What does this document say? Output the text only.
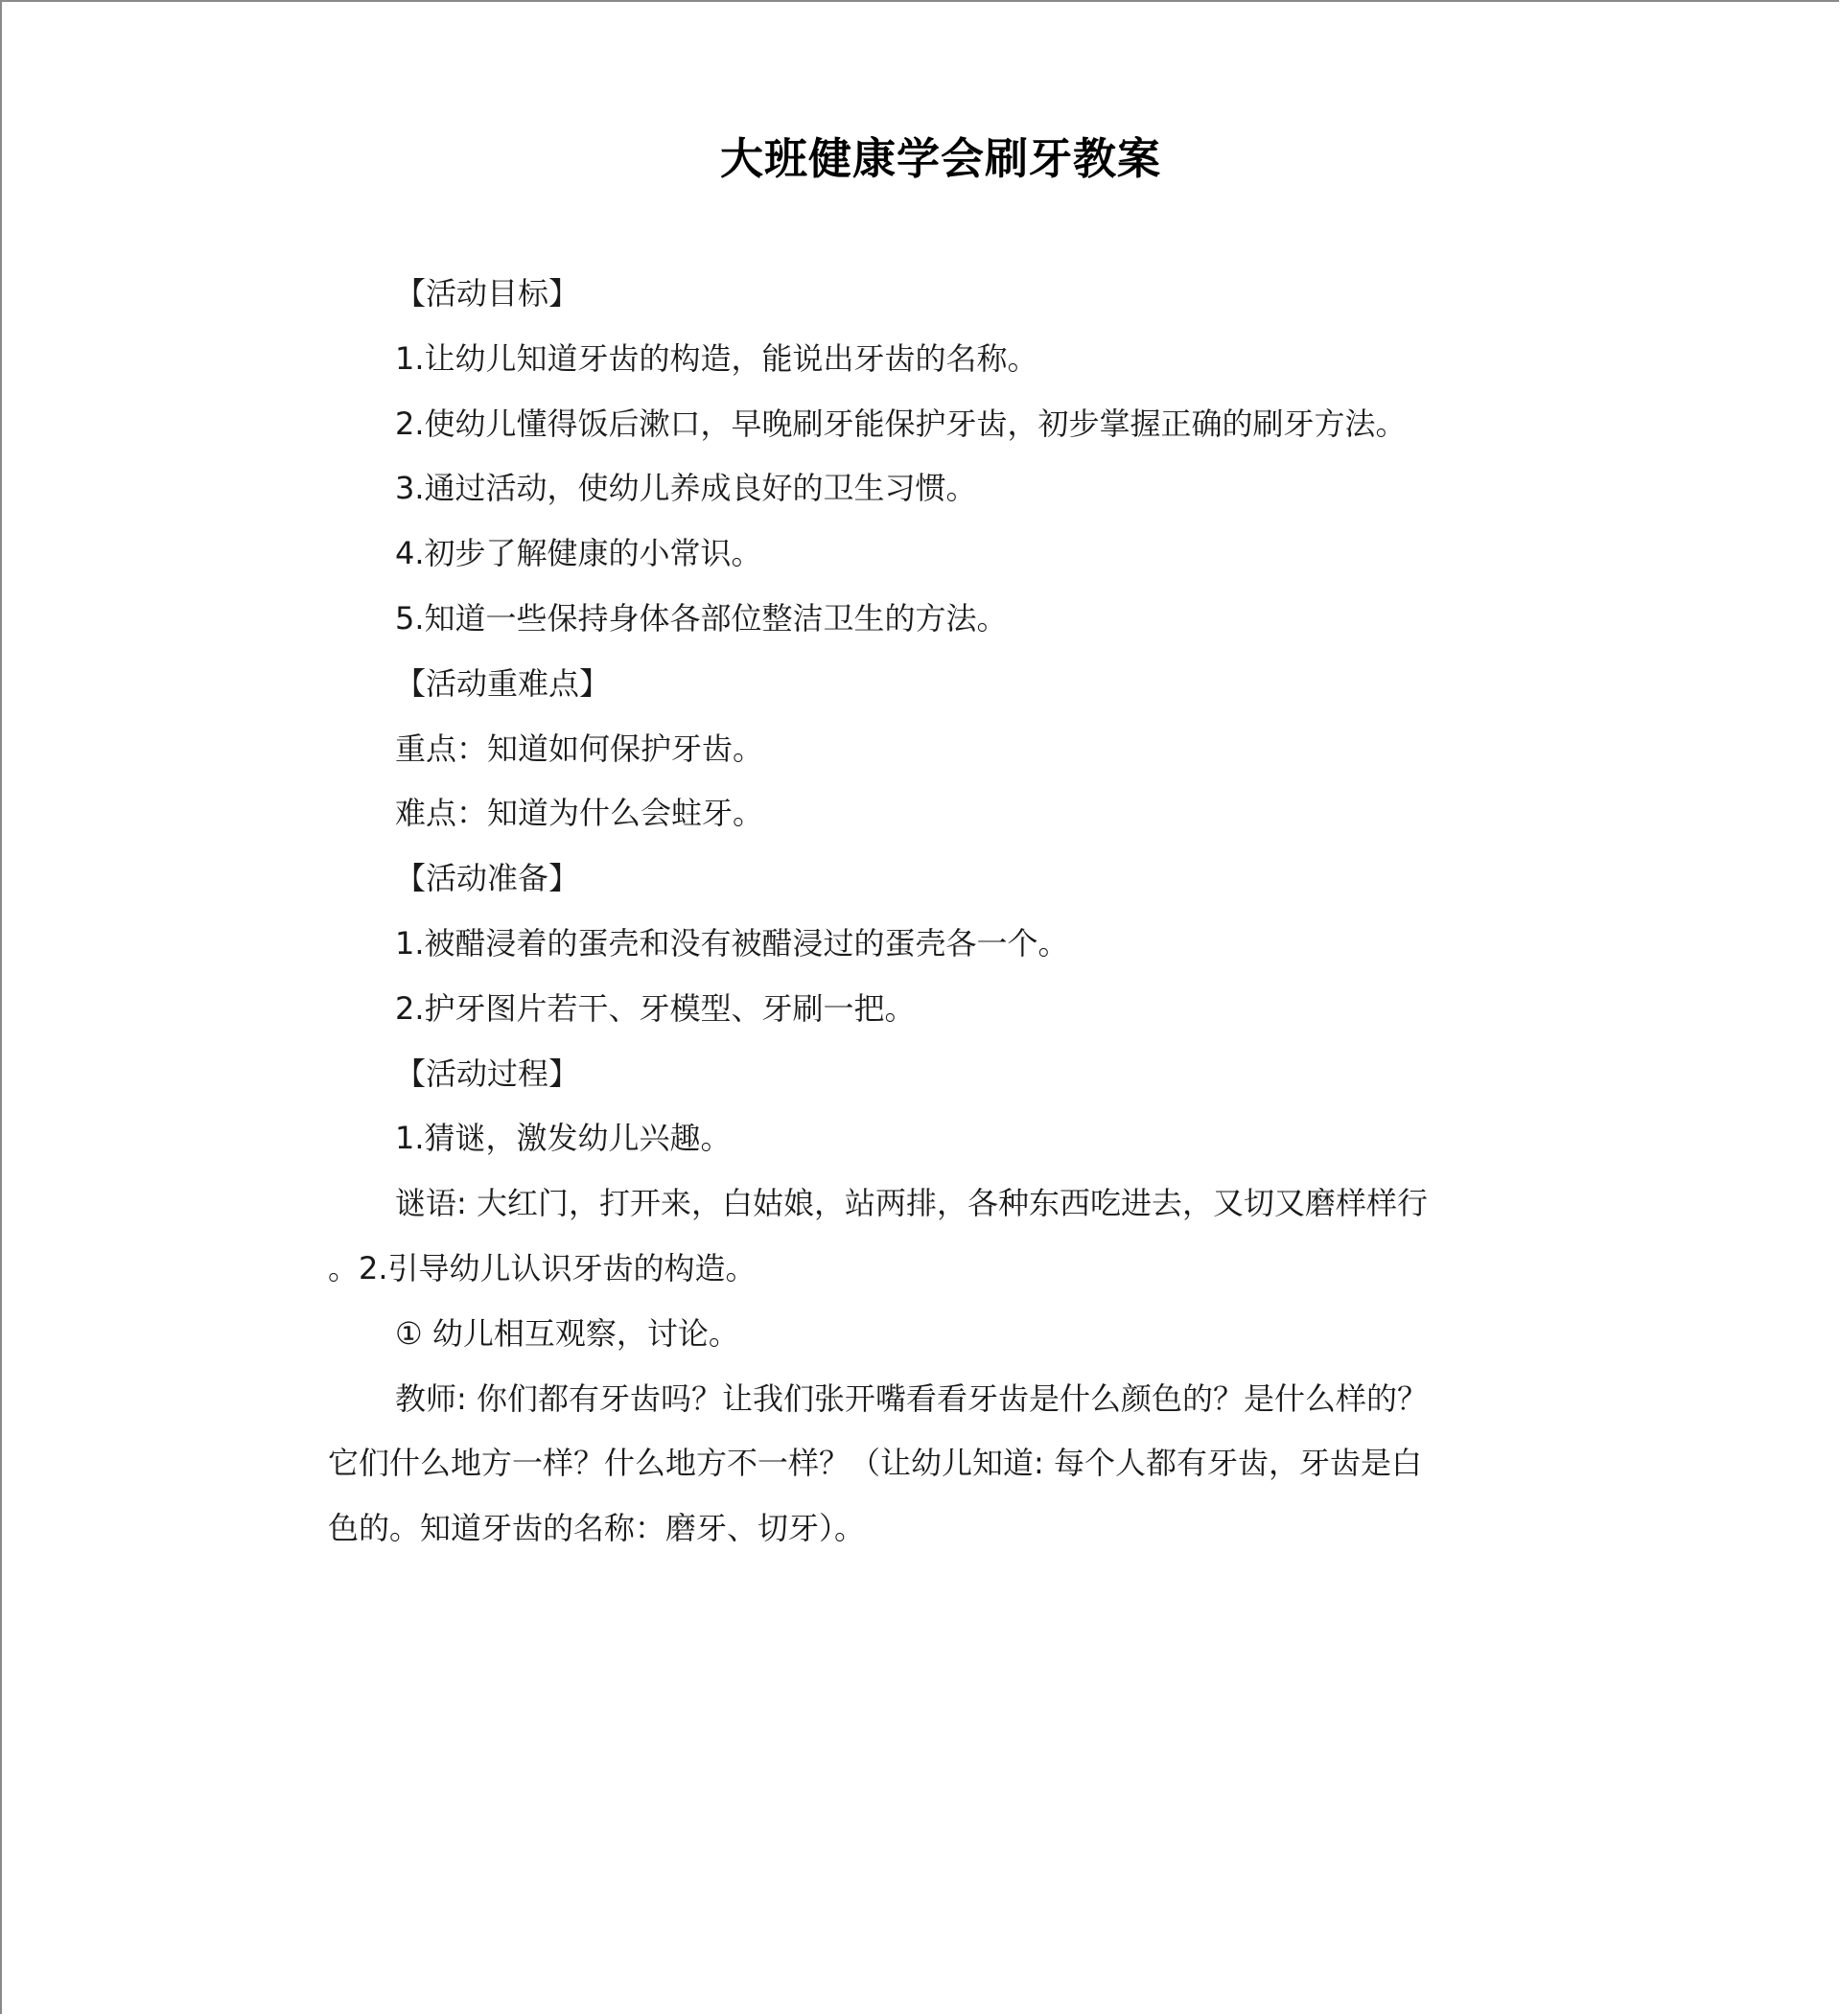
大班健康学会刷牙教案
【活动目标】
1.让幼儿知道牙齿的构造，能说出牙齿的名称。
2.使幼儿懂得饭后漱口，早晚刷牙能保护牙齿，初步掌握正确的刷牙方法。
3.通过活动，使幼儿养成良好的卫生习惯。
4.初步了解健康的小常识。
5.知道一些保持身体各部位整洁卫生的方法。
【活动重难点】
重点：知道如何保护牙齿。
难点：知道为什么会蛀牙。
【活动准备】
1.被醋浸着的蛋壳和没有被醋浸过的蛋壳各一个。
2.护牙图片若干、牙模型、牙刷一把。
【活动过程】
1.猜谜，激发幼儿兴趣。
谜语: 大红门，打开来，白姑娘，站两排，各种东西吃进去，又切又磨样样行
。2.引导幼儿认识牙齿的构造。
① 幼儿相互观察，讨论。
教师: 你们都有牙齿吗？让我们张开嘴看看牙齿是什么颜色的？是什么样的？
它们什么地方一样？什么地方不一样？（让幼儿知道: 每个人都有牙齿，牙齿是白
色的。知道牙齿的名称：磨牙、切牙）。
